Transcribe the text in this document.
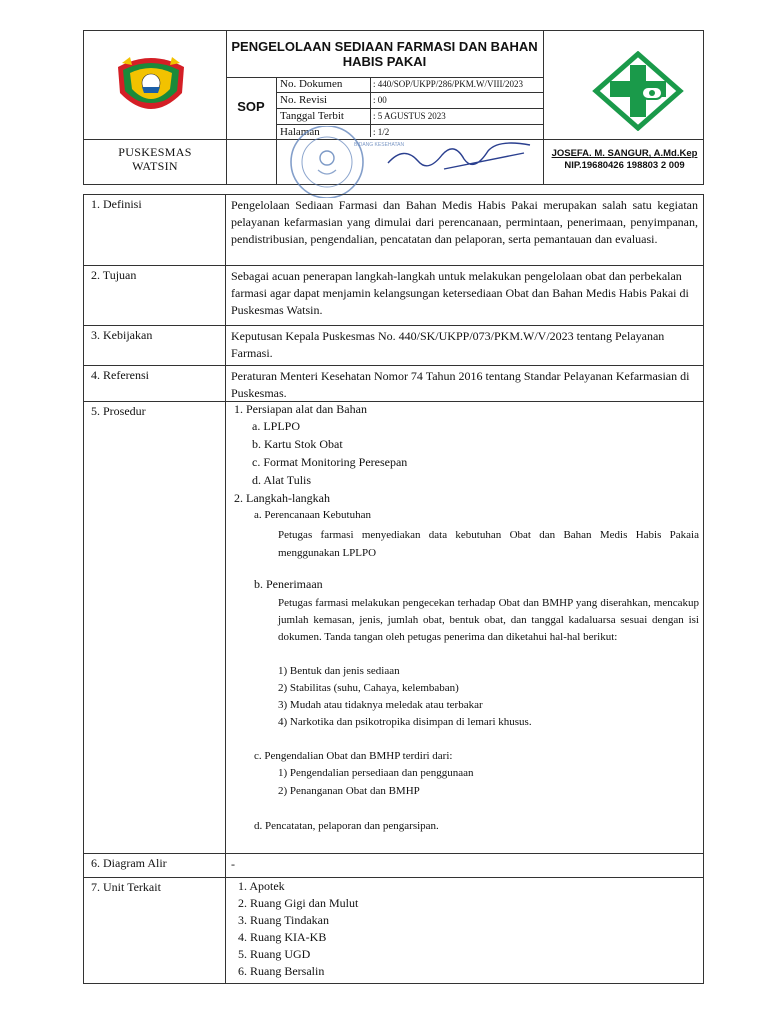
PENGELOLAAN SEDIAAN FARMASI DAN BAHAN HABIS PAKAI
SOP
No. Dokumen	: 440/SOP/UKPP/286/PKM.W/VIII/2023
No. Revisi	: 00
Tanggal Terbit	: 5 AGUSTUS 2023
Halaman	: 1/2
PUSKESMAS
WATSIN
BIDANG KESEHATAN
JOSEFA. M. SANGUR, A.Md.Kep
NIP.19680426 198803 2 009
1. Definisi	Pengelolaan Sediaan Farmasi dan Bahan Medis Habis Pakai merupakan salah satu kegiatan pelayanan kefarmasian yang dimulai dari perencanaan, permintaan, penerimaan, penyimpanan, pendistribusian, pengendalian, pencatatan dan pelaporan, serta pemantauan dan evaluasi.
2. Tujuan	Sebagai acuan penerapan langkah-langkah untuk melakukan pengelolaan obat dan perbekalan farmasi agar dapat menjamin kelangsungan ketersediaan Obat dan Bahan Medis Habis Pakai di Puskesmas Watsin.
3. Kebijakan	Keputusan Kepala Puskesmas No. 440/SK/UKPP/073/PKM.W/V/2023 tentang Pelayanan Farmasi.
4. Referensi	Peraturan Menteri Kesehatan Nomor 74 Tahun 2016 tentang Standar Pelayanan Kefarmasian di Puskesmas.
5. Prosedur	1. Persiapan alat dan Bahan
a. LPLPO
b. Kartu Stok Obat
c. Format Monitoring Peresepan
d. Alat Tulis
2. Langkah-langkah
a. Perencanaan Kebutuhan
Petugas farmasi menyediakan data kebutuhan Obat dan Bahan Medis Habis Pakaia menggunakan LPLPO
b. Penerimaan
Petugas farmasi melakukan pengecekan terhadap Obat dan BMHP yang diserahkan, mencakup jumlah kemasan, jenis, jumlah obat, bentuk obat, dan tanggal kadaluarsa sesuai dengan isi dokumen. Tanda tangan oleh petugas penerima dan diketahui hal-hal berikut:
1) Bentuk dan jenis sediaan
2) Stabilitas (suhu, Cahaya, kelembaban)
3) Mudah atau tidaknya meledak atau terbakar
4) Narkotika dan psikotropika disimpan di lemari khusus.
c. Pengendalian Obat dan BMHP terdiri dari:
1) Pengendalian persediaan dan penggunaan
2) Penanganan Obat dan BMHP
d. Pencatatan, pelaporan dan pengarsipan.
6. Diagram Alir	-
7. Unit Terkait	1. Apotek
2. Ruang Gigi dan Mulut
3. Ruang Tindakan
4. Ruang KIA-KB
5. Ruang UGD
6. Ruang Bersalin
